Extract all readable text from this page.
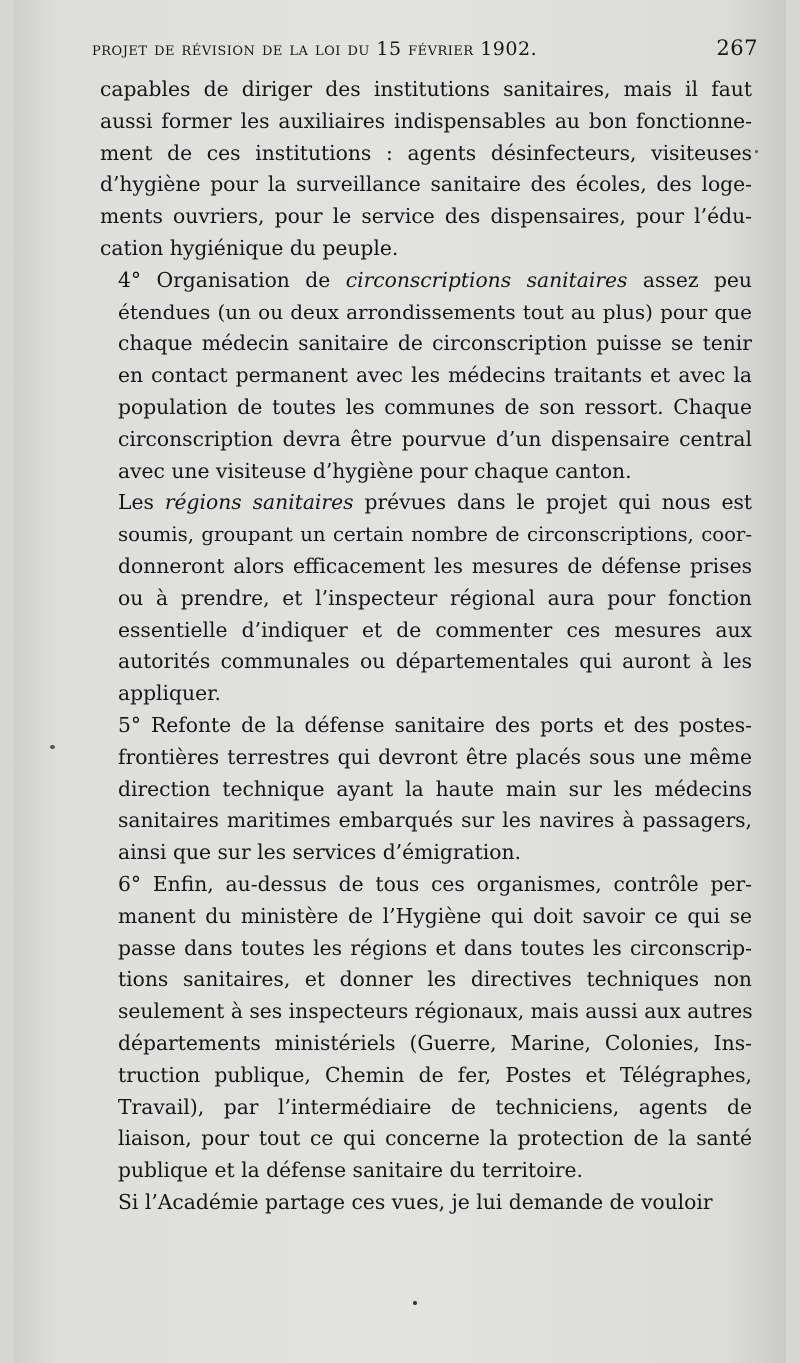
projet de révision de la loi du 15 février 1902.	267

capables de diriger des institutions sanitaires, mais il faut
aussi former les auxiliaires indispensables au bon fonctionne-
ment de ces institutions : agents désinfecteurs, visiteuses
d’hygiène pour la surveillance sanitaire des écoles, des loge-
ments ouvriers, pour le service des dispensaires, pour l’édu-
cation hygiénique du peuple.

4° Organisation de circonscriptions sanitaires assez peu
étendues (un ou deux arrondissements tout au plus) pour que
chaque médecin sanitaire de circonscription puisse se tenir
en contact permanent avec les médecins traitants et avec la
population de toutes les communes de son ressort. Chaque
circonscription devra être pourvue d’un dispensaire central
avec une visiteuse d’hygiène pour chaque canton.

Les régions sanitaires prévues dans le projet qui nous est
soumis, groupant un certain nombre de circonscriptions, coor-
donneront alors efficacement les mesures de défense prises
ou à prendre, et l’inspecteur régional aura pour fonction
essentielle d’indiquer et de commenter ces mesures aux
autorités communales ou départementales qui auront à les
appliquer.

5° Refonte de la défense sanitaire des ports et des postes-
frontières terrestres qui devront être placés sous une même
direction technique ayant la haute main sur les médecins
sanitaires maritimes embarqués sur les navires à passagers,
ainsi que sur les services d’émigration.

6° Enfin, au-dessus de tous ces organismes, contrôle per-
manent du ministère de l’Hygiène qui doit savoir ce qui se
passe dans toutes les régions et dans toutes les circonscrip-
tions sanitaires, et donner les directives techniques non
seulement à ses inspecteurs régionaux, mais aussi aux autres
départements ministériels (Guerre, Marine, Colonies, Ins-
truction publique, Chemin de fer, Postes et Télégraphes,
Travail), par l’intermédiaire de techniciens, agents de
liaison, pour tout ce qui concerne la protection de la santé
publique et la défense sanitaire du territoire.

Si l’Académie partage ces vues, je lui demande de vouloir
